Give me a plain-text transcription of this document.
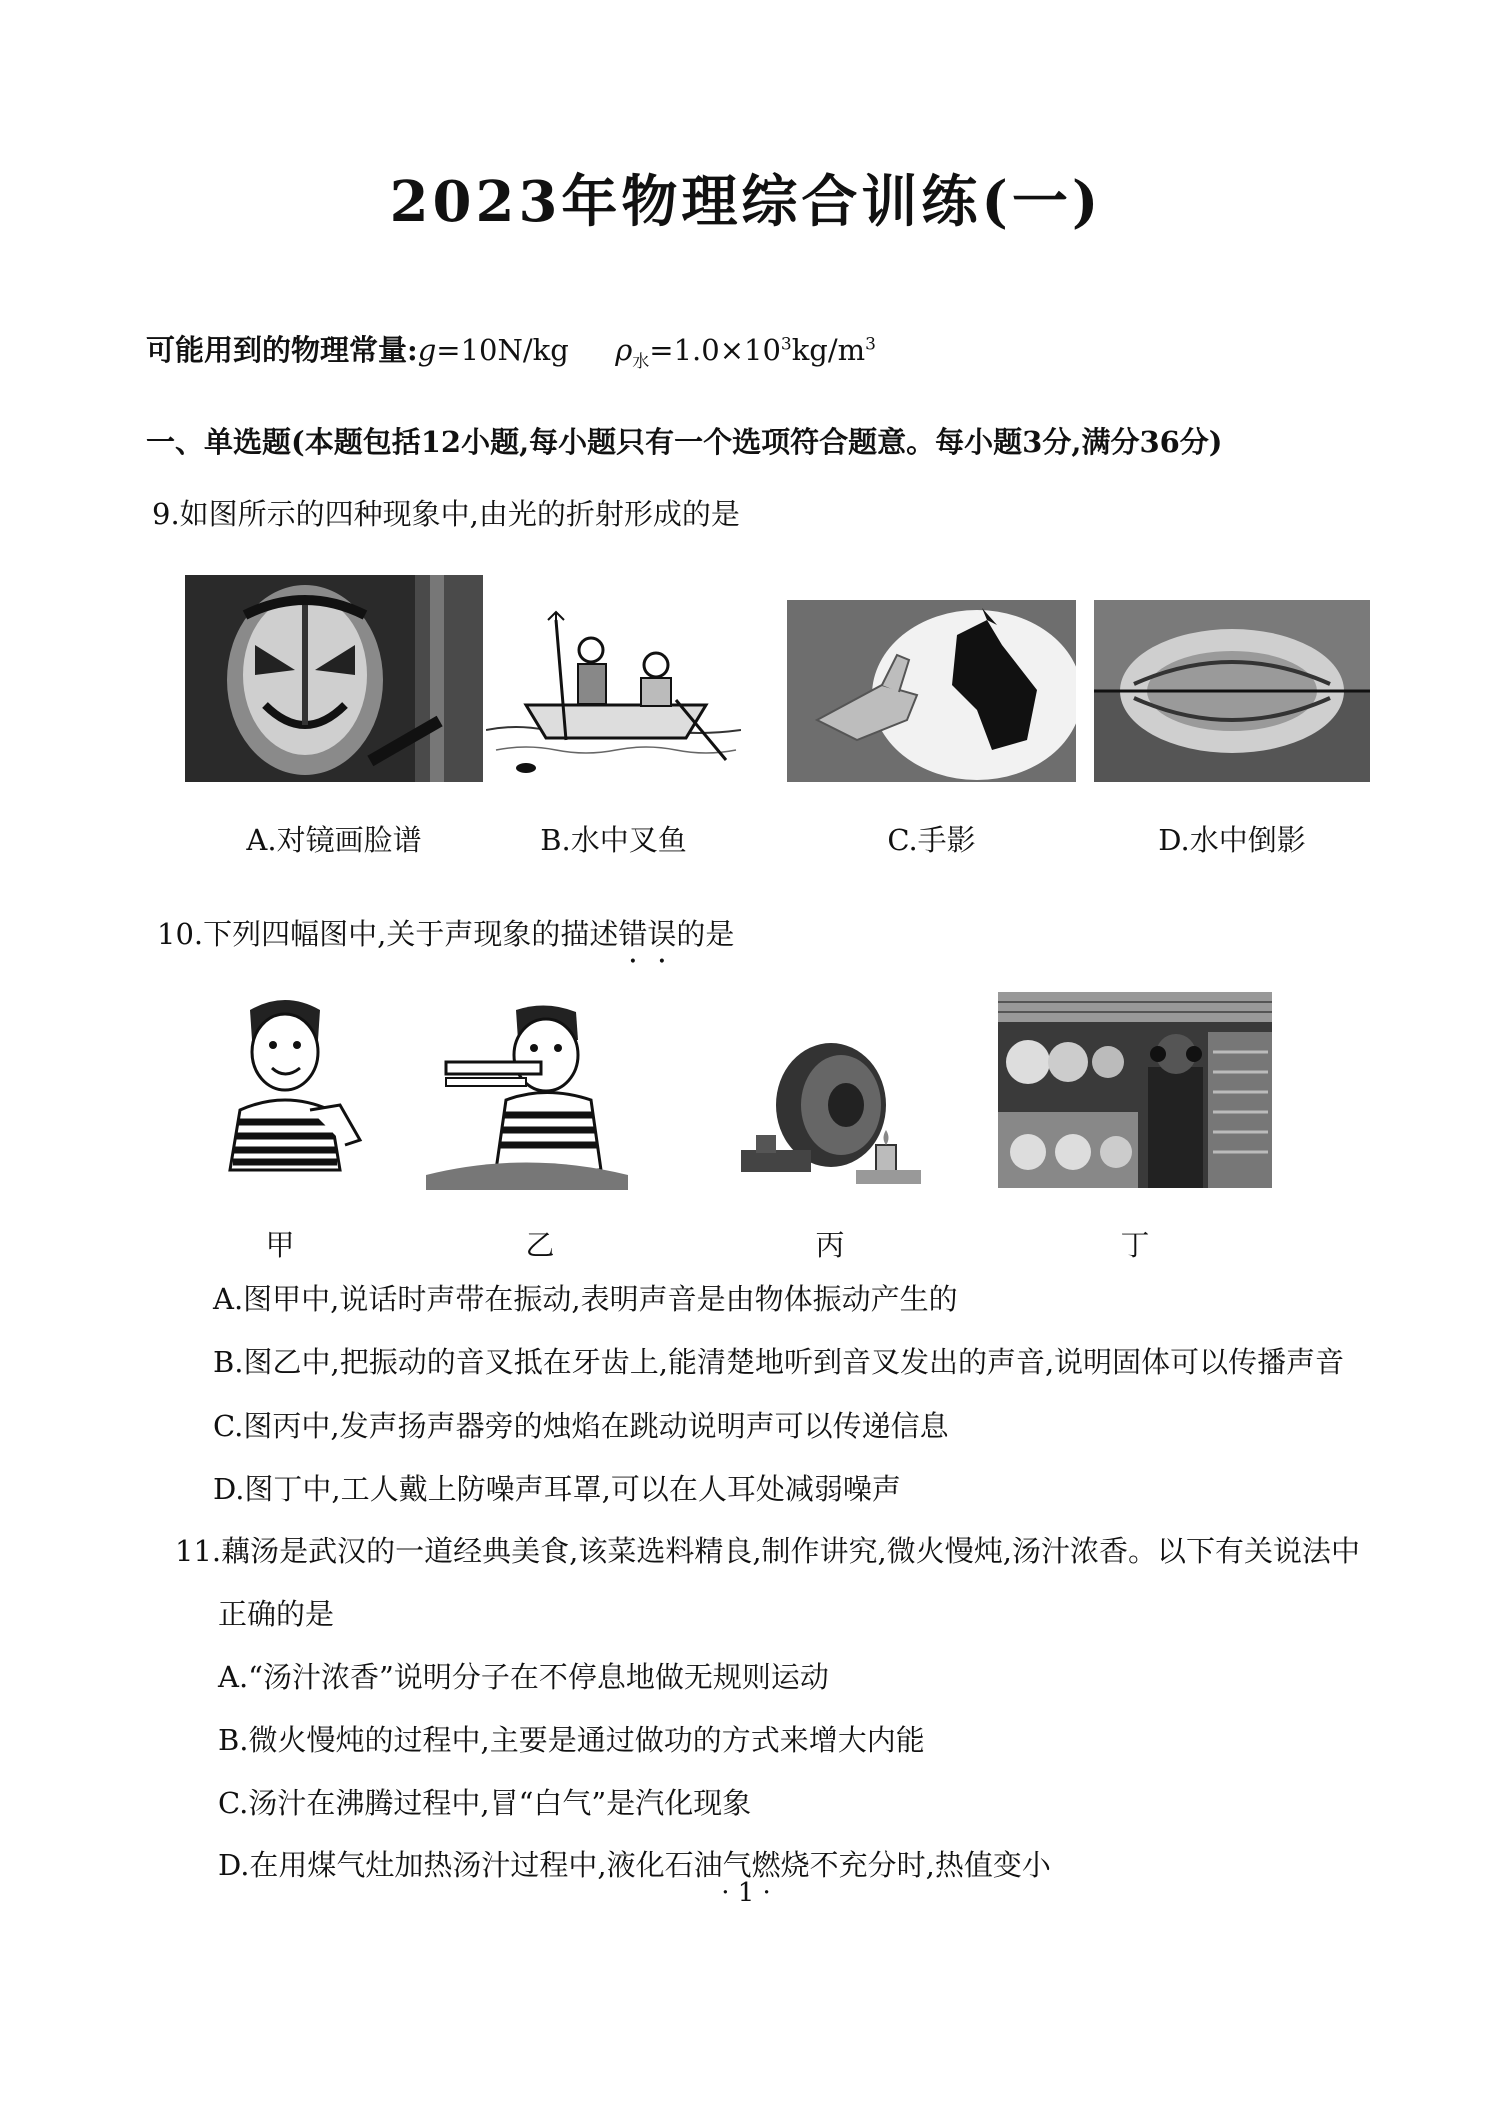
2023年物理综合训练(一)
可能用到的物理常量:g=10N/kg $\rho_水=1.0\times 10^3kg/m^3$
一、单选题(本题包括12小题,每小题只有一个选项符合题意。每小题3分,满分36分)
9.如图所示的四种现象中,由光的折射形成的是
A.对镜画脸谱	B.水中叉鱼	C.手影	D.水中倒影
10.下列四幅图中,关于声现象的描述错误的是
甲	乙	丙	丁
A.图甲中,说话时声带在振动,表明声音是由物体振动产生的
B.图乙中,把振动的音叉抵在牙齿上,能清楚地听到音叉发出的声音,说明固体可以传播声音
C.图丙中,发声扬声器旁的烛焰在跳动说明声可以传递信息
D.图丁中,工人戴上防噪声耳罩,可以在人耳处减弱噪声
11.藕汤是武汉的一道经典美食,该菜选料精良,制作讲究,微火慢炖,汤汁浓香。以下有关说法中
正确的是
A.“汤汁浓香”说明分子在不停息地做无规则运动
B.微火慢炖的过程中,主要是通过做功的方式来增大内能
C.汤汁在沸腾过程中,冒“白气”是汽化现象
D.在用煤气灶加热汤汁过程中,液化石油气燃烧不充分时,热值变小
· 1 ·
